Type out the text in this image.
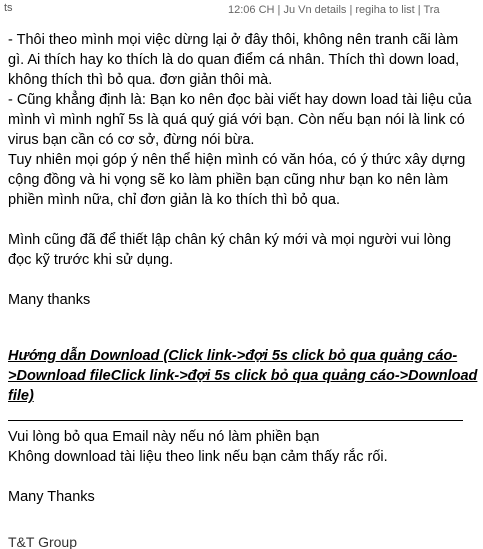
ts	12:06 CH | Ju Vn details | regiha to list | Tra

- Thôi theo mình mọi việc dừng lại ở đây thôi, không nên tranh cãi làm gì. Ai thích hay ko thích là do quan điểm cá nhân. Thích thì down load, không thích thì bỏ qua. đơn giản thôi mà.

- Cũng khẳng định là: Bạn ko nên đọc bài viết hay down load tài liệu của mình vì mình nghĩ 5s là quá quý giá với bạn. Còn nếu bạn nói là link có virus bạn cần có cơ sở, đừng nói bừa.

Tuy nhiên mọi góp ý nên thể hiện mình có văn hóa, có ý thức xây dựng cộng đồng và hi vọng sẽ ko làm phiền bạn cũng như bạn ko nên làm phiền mình nữa, chỉ đơn giản là ko thích thì bỏ qua.

Mình cũng đã để thiết lập chân ký chân ký mới và mọi người vui lòng đọc kỹ trước khi sử dụng.

Many thanks

Hướng dẫn Download (Click link->đợi 5s click bỏ qua quảng cáo->Download fileClick link->đợi 5s click bỏ qua quảng cáo->Download file)

Vui lòng bỏ qua Email này nếu nó làm phiền bạn

Không download tài liệu theo link nếu bạn cảm thấy rắc rối.

Many Thanks

T&T Group
